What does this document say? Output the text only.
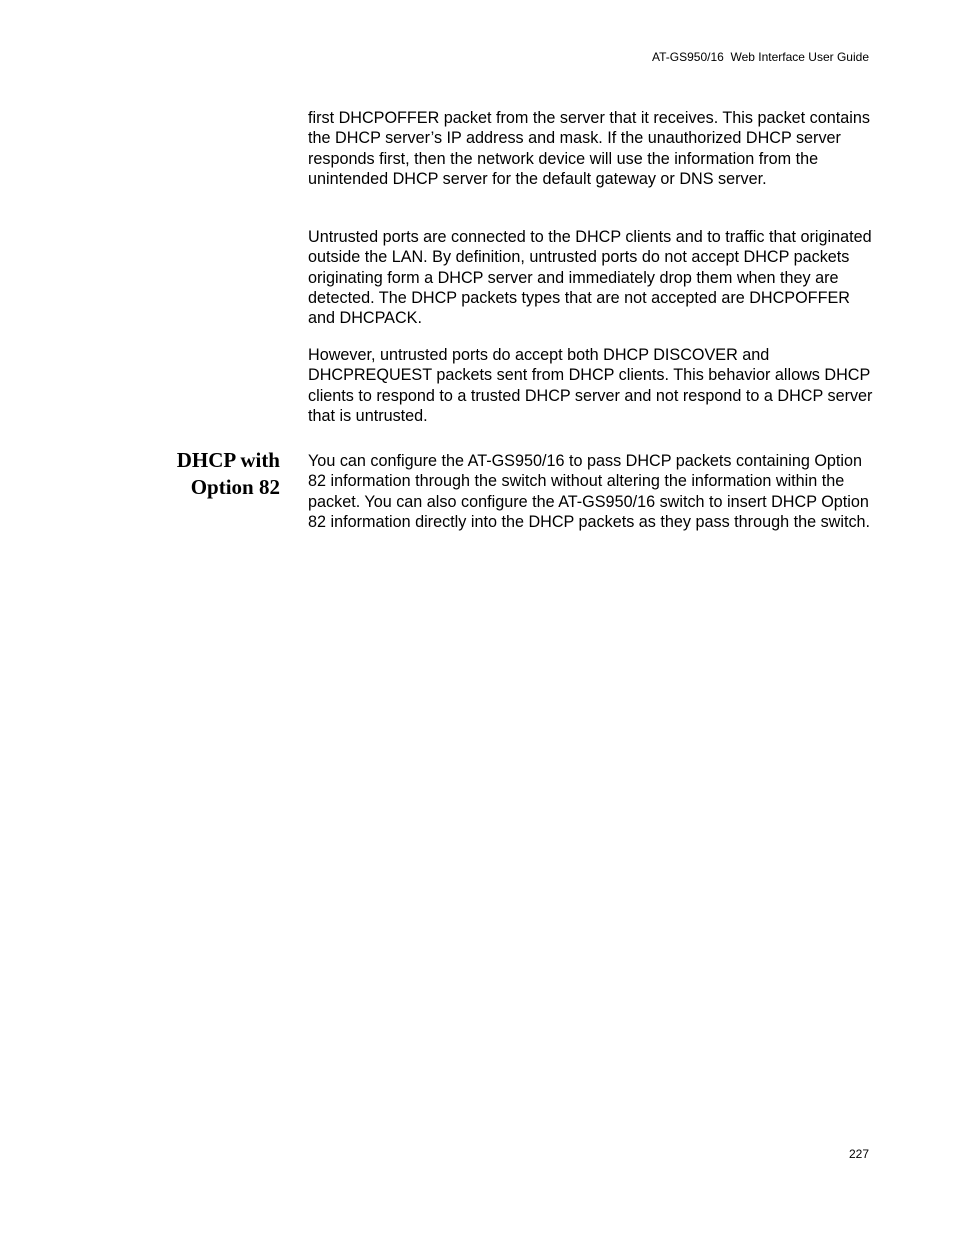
AT-GS950/16  Web Interface User Guide

first DHCPOFFER packet from the server that it receives. This packet contains the DHCP server’s IP address and mask. If the unauthorized DHCP server responds first, then the network device will use the information from the unintended DHCP server for the default gateway or DNS server.

Untrusted ports are connected to the DHCP clients and to traffic that originated outside the LAN. By definition, untrusted ports do not accept DHCP packets originating form a DHCP server and immediately drop them when they are detected. The DHCP packets types that are not accepted are DHCPOFFER and DHCPACK.

However, untrusted ports do accept both DHCP DISCOVER and DHCPREQUEST packets sent from DHCP clients. This behavior allows DHCP clients to respond to a trusted DHCP server and not respond to a DHCP server that is untrusted.

DHCP with
Option 82

You can configure the AT-GS950/16 to pass DHCP packets containing Option 82 information through the switch without altering the information within the packet. You can also configure the AT-GS950/16 switch to insert DHCP Option 82 information directly into the DHCP packets as they pass through the switch.

227
